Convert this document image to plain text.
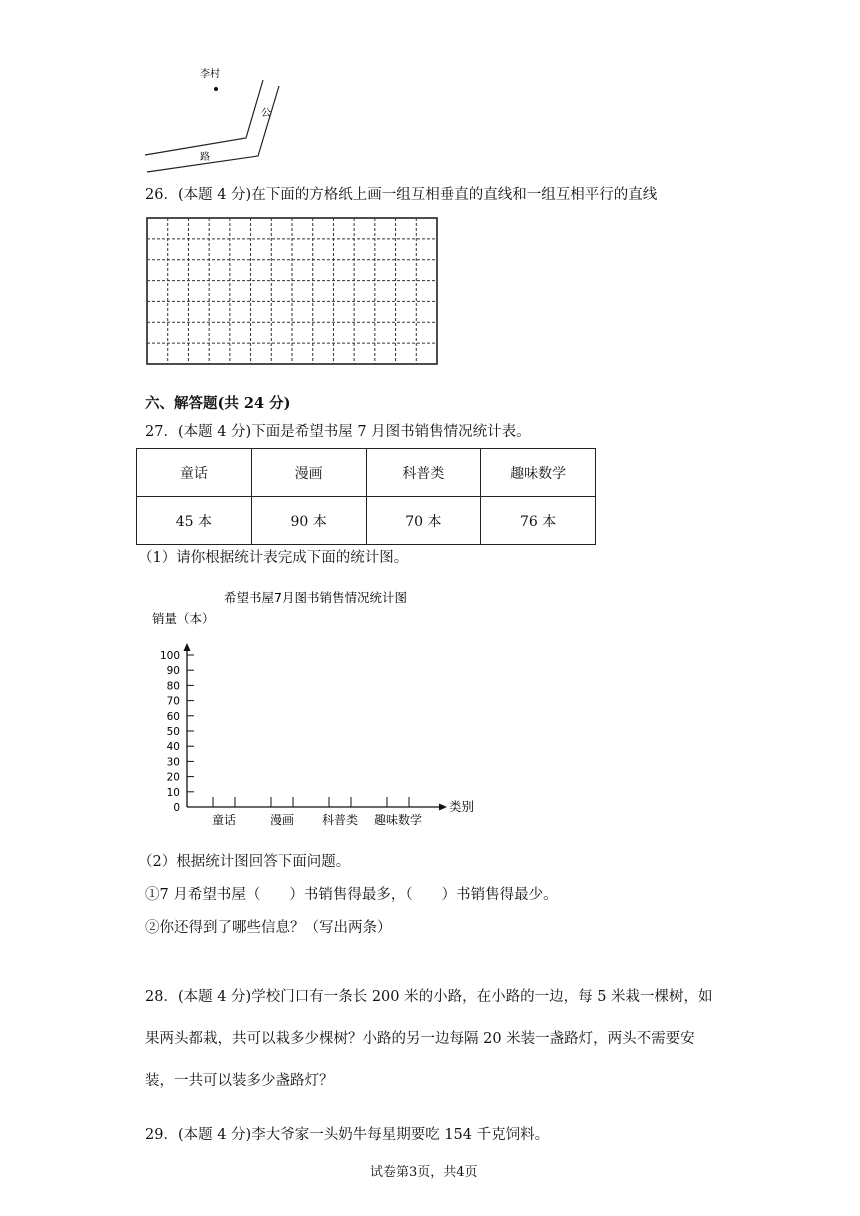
李村
公
路
26．(本题 4 分)在下面的方格纸上画一组互相垂直的直线和一组互相平行的直线
六、解答题(共 24 分)
27．(本题 4 分)下面是希望书屋 7 月图书销售情况统计表。
童话	漫画	科普类	趣味数学
45 本	90 本	70 本	76 本
（1）请你根据统计表完成下面的统计图。
希望书屋7月图书销售情况统计图
销量（本）
类别
0
10
20
30
40
50
60
70
80
90
100
童话	漫画 科普类 趣味数学
（2）根据统计图回答下面问题。
①7 月希望书屋（　　）书销售得最多，（　　）书销售得最少。
②你还得到了哪些信息？（写出两条）
28．(本题 4 分)学校门口有一条长 200 米的小路，在小路的一边，每 5 米栽一棵树，如
果两头都栽，共可以栽多少棵树？小路的另一边每隔 20 米装一盏路灯，两头不需要安
装，一共可以装多少盏路灯？
29．(本题 4 分)李大爷家一头奶牛每星期要吃 154 千克饲料。
试卷第3页，共4页
